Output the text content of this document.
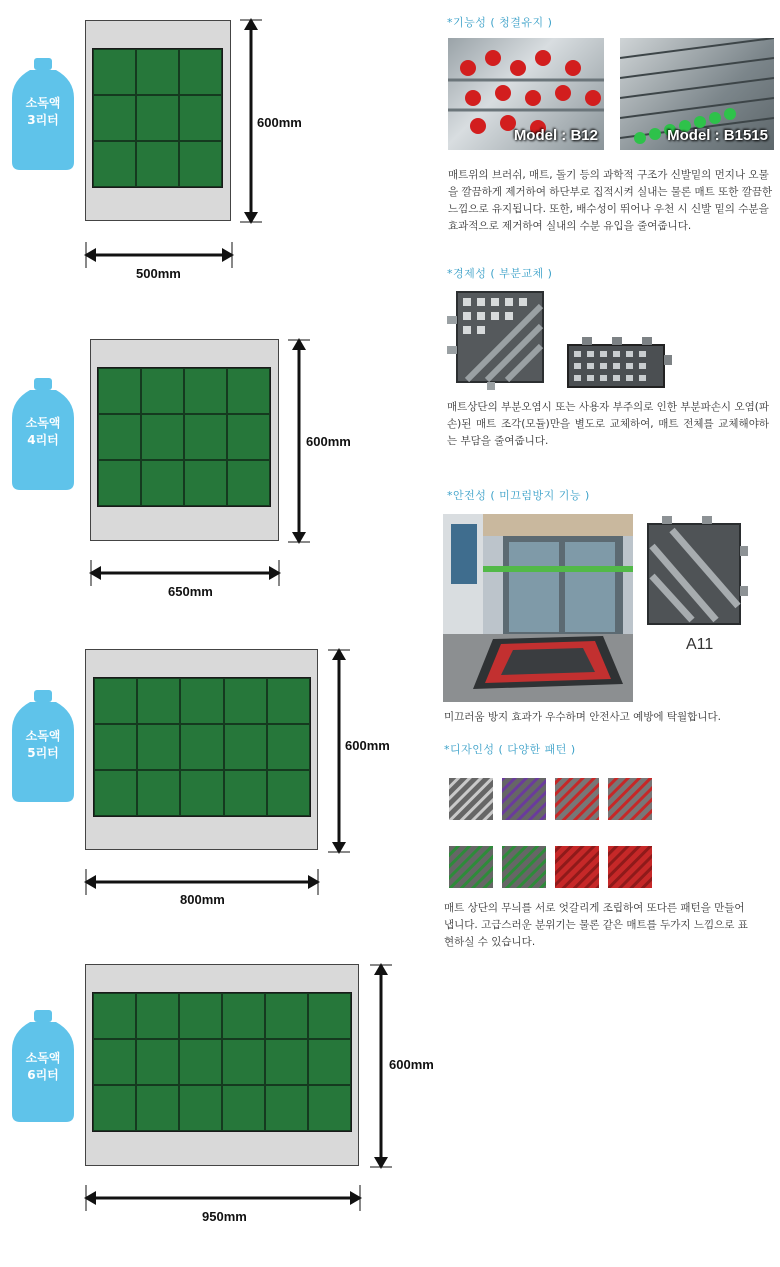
소독액
3리터	600mm
500mm
소독액
4리터	600mm
650mm
소독액
5리터	600mm
800mm
소독액
6리터
600mm
950mm
*기능성 ( 청결유지 )
Model : B12	Model : B1515
매트위의 브러쉬, 매트, 돌기 등의 과학적 구조가 신발밑의 먼지나 오물을 깔끔하게 제거하여 하단부로 집적시켜 실내는 물론 매트 또한 깔끔한 느낌으로 유지됩니다. 또한, 배수성이 뛰어나 우천 시 신발 밑의 수분을 효과적으로 제거하여 실내의 수분 유입을 줄여줍니다.
*경제성 ( 부분교체 )
매트상단의 부분오염시 또는 사용자 부주의로 인한 부분파손시 오염(파손)된 매트 조각(모듈)만을 별도로 교체하여, 매트 전체를 교체해야하는 부담을 줄여줍니다.
*안전성 ( 미끄럼방지 기능 )
A11
미끄러움 방지 효과가 우수하며 안전사고 예방에 탁월합니다.
*디자인성 ( 다양한 패턴 )
매트 상단의 무늬를 서로 엇갈리게 조립하여 또다른 패턴을 만들어 냅니다. 고급스러운 분위기는 물론 같은 매트를 두가지 느낌으로 표현하실 수 있습니다.
